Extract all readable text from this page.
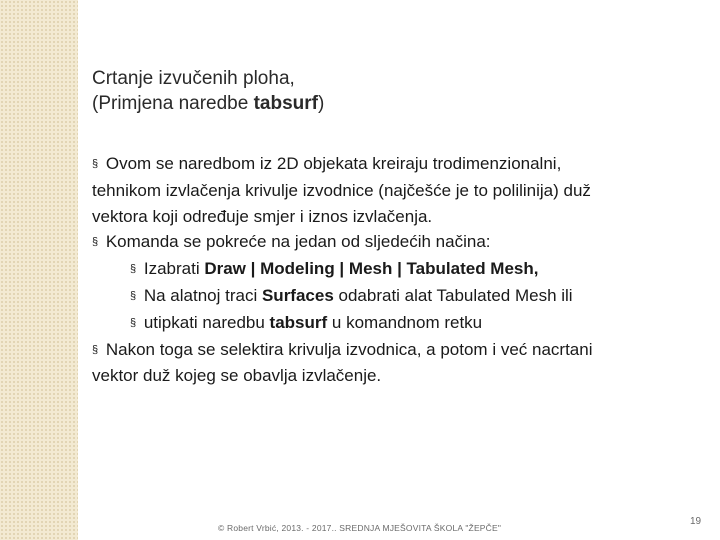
Crtanje izvučenih ploha,
(Primjena naredbe tabsurf)
§ Ovom se naredbom iz 2D objekata kreiraju trodimenzionalni,
tehnikom izvlačenja krivulje izvodnice (najčešće je to polilinija) duž
vektora koji određuje smjer i iznos izvlačenja.
§ Komanda se pokreće na jedan od sljedećih načina:
§ Izabrati Draw | Modeling | Mesh | Tabulated Mesh,
§ Na alatnoj traci Surfaces odabrati alat Tabulated Mesh ili
§ utipkati naredbu tabsurf u komandnom retku
§ Nakon toga se selektira krivulja izvodnica, a potom i već nacrtani
vektor duž kojeg se obavlja izvlačenje.
© Robert Vrbić, 2013. - 2017.. SREDNJA MJEŠOVITA ŠKOLA "ŽEPČE"
19
